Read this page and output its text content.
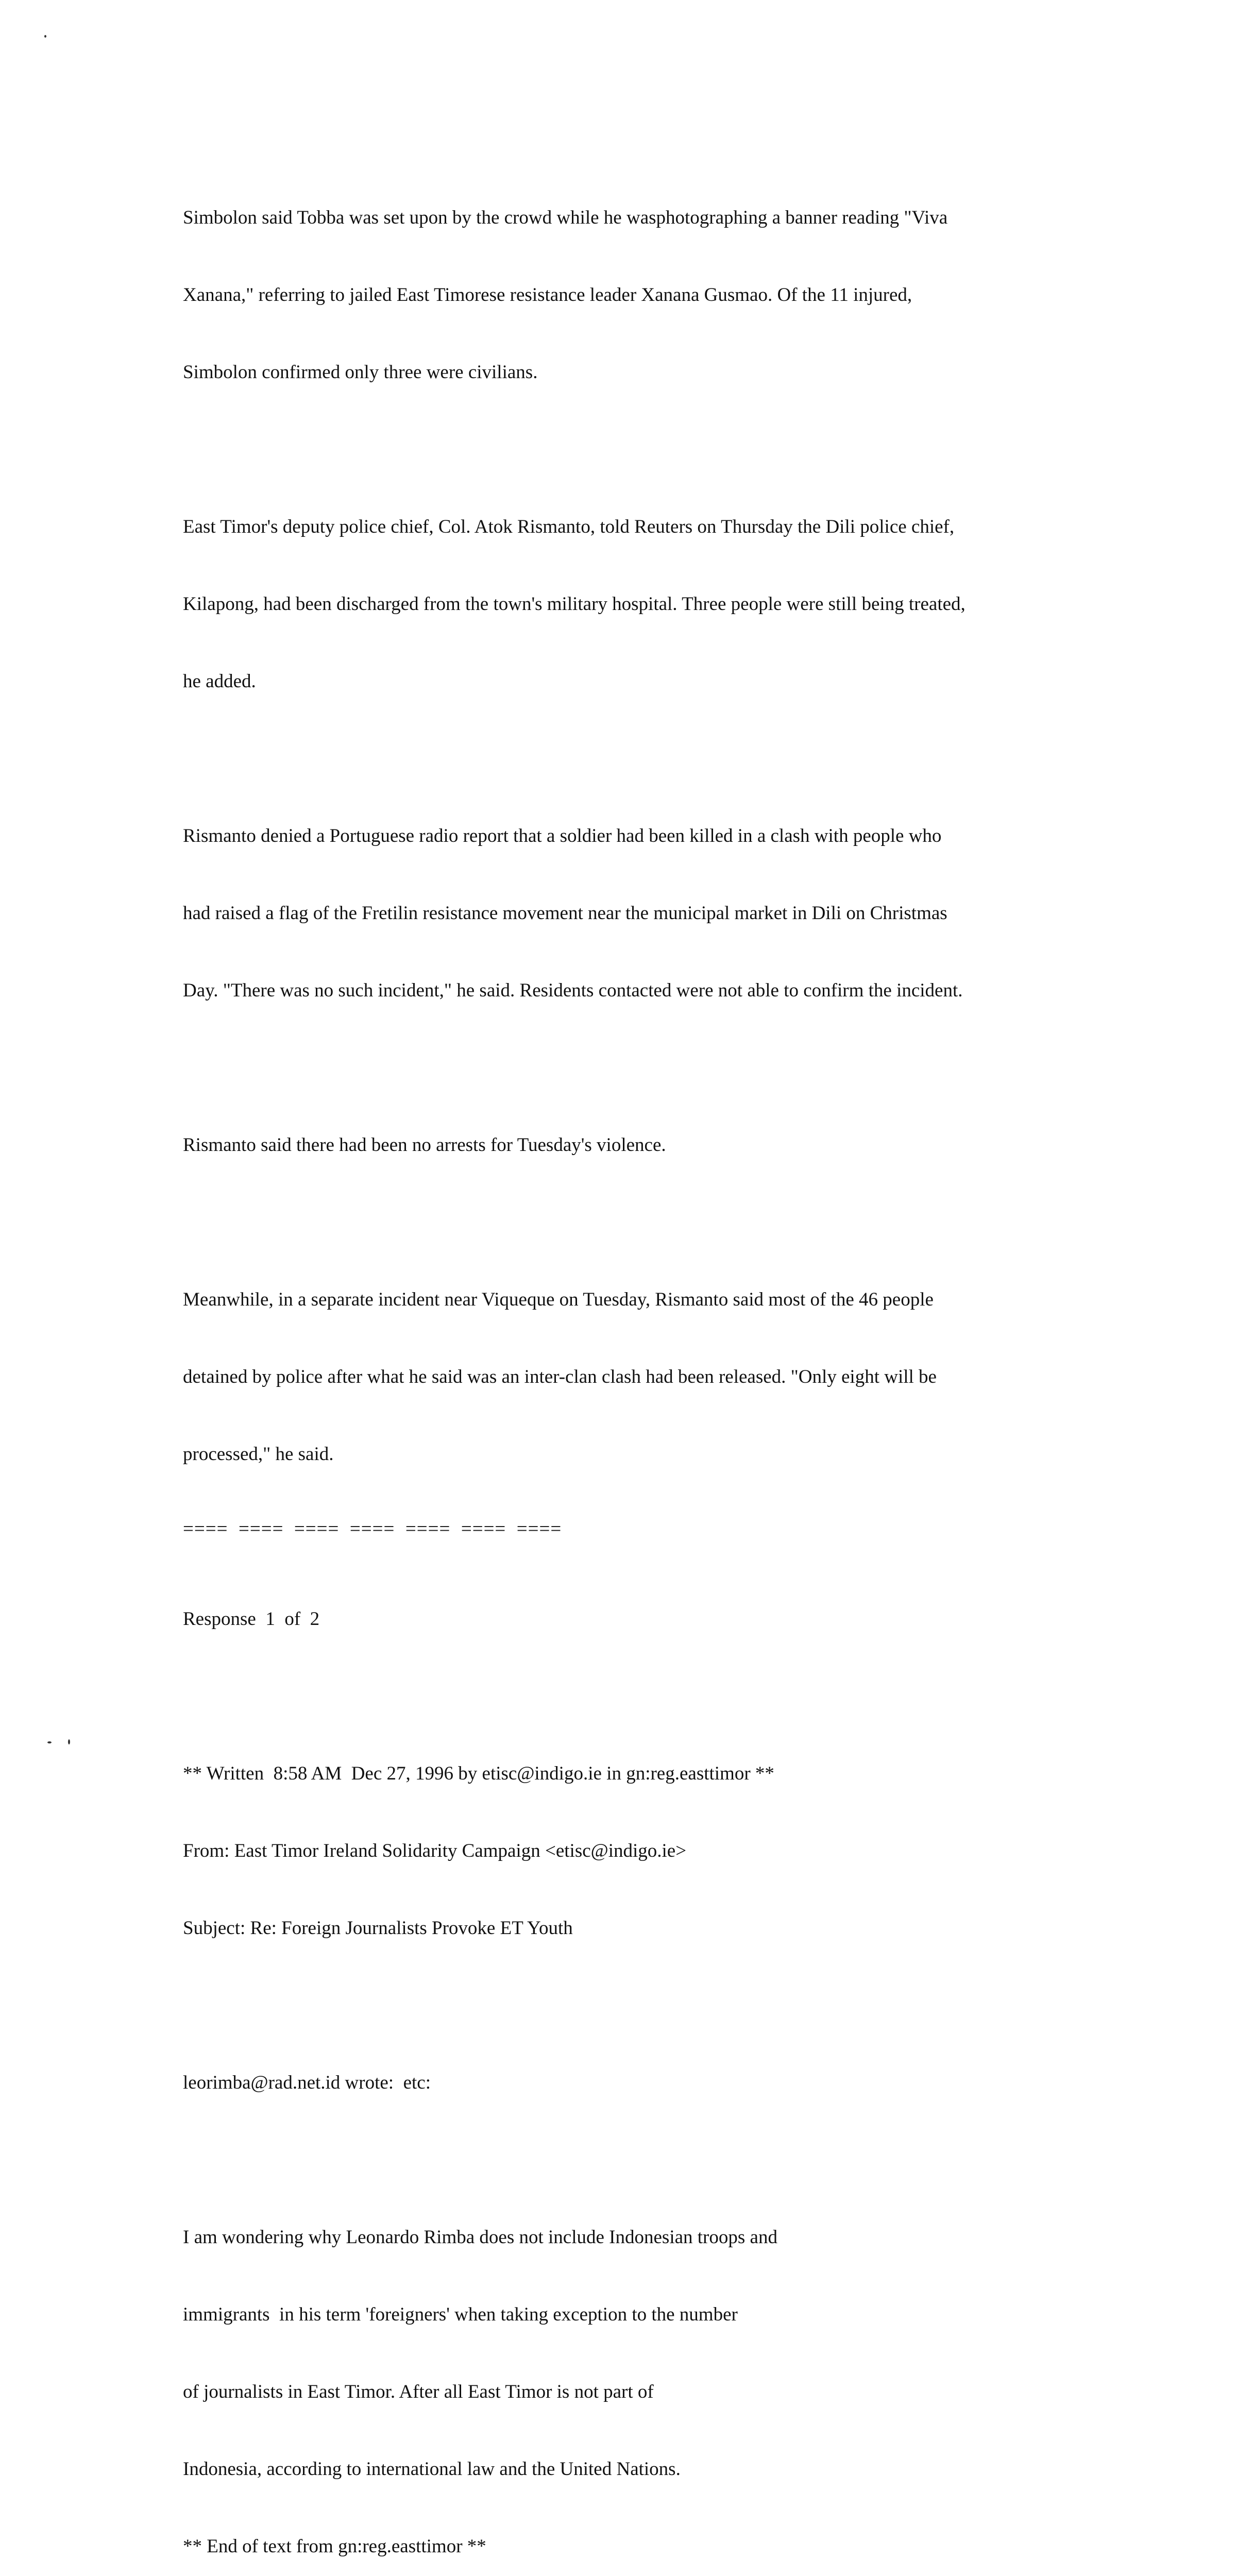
Simbolon said Tobba was set upon by the crowd while he wasphotographing a banner reading "Viva

Xanana," referring to jailed East Timorese resistance leader Xanana Gusmao. Of the 11 injured,

Simbolon confirmed only three were civilians.

East Timor's deputy police chief, Col. Atok Rismanto, told Reuters on Thursday the Dili police chief,

Kilapong, had been discharged from the town's military hospital. Three people were still being treated,

he added.

Rismanto denied a Portuguese radio report that a soldier had been killed in a clash with people who

had raised a flag of the Fretilin resistance movement near the municipal market in Dili on Christmas

Day. "There was no such incident," he said. Residents contacted were not able to confirm the incident.

Rismanto said there had been no arrests for Tuesday's violence.

Meanwhile, in a separate incident near Viqueque on Tuesday, Rismanto said most of the 46 people

detained by police after what he said was an inter-clan clash had been released. "Only eight will be

processed," he said.

====  ====  ====  ====  ====  ====  ====

Response  1  of  2

** Written  8:58 AM  Dec 27, 1996 by etisc@indigo.ie in gn:reg.easttimor **

From: East Timor Ireland Solidarity Campaign <etisc@indigo.ie>

Subject: Re: Foreign Journalists Provoke ET Youth

leorimba@rad.net.id wrote:  etc:

I am wondering why Leonardo Rimba does not include Indonesian troops and

immigrants  in his term 'foreigners' when taking exception to the number

of journalists in East Timor. After all East Timor is not part of

Indonesia, according to international law and the United Nations.

** End of text from gn:reg.easttimor **
